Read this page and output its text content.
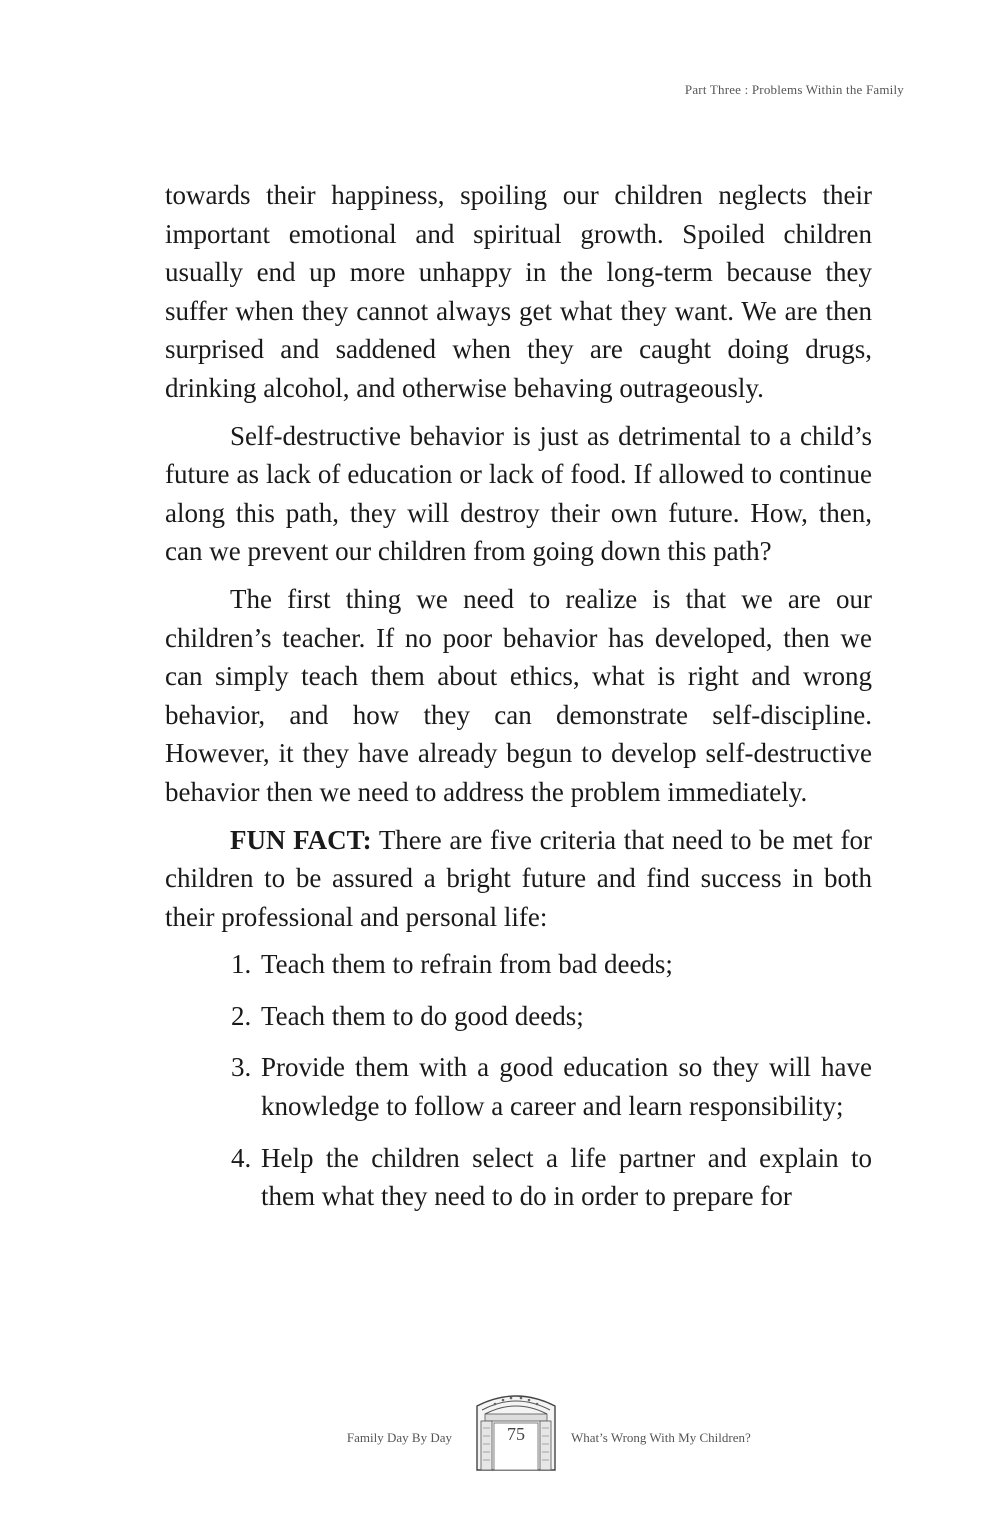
Part Three : Problems Within the Family

towards their happiness, spoiling our children neglects their important emotional and spiritual growth. Spoiled children usually end up more unhappy in the long-term because they suffer when they cannot always get what they want. We are then surprised and saddened when they are caught doing drugs, drinking alcohol, and otherwise behaving outrageously.

Self-destructive behavior is just as detrimental to a child’s future as lack of education or lack of food. If allowed to continue along this path, they will destroy their own future. How, then, can we prevent our children from going down this path?

The first thing we need to realize is that we are our children’s teacher. If no poor behavior has developed, then we can simply teach them about ethics, what is right and wrong behavior, and how they can demonstrate self-discipline. However, it they have already begun to develop self-destructive behavior then we need to address the problem immediately.

FUN FACT: There are five criteria that need to be met for children to be assured a bright future and find success in both their professional and personal life:

1. Teach them to refrain from bad deeds;
2. Teach them to do good deeds;
3. Provide them with a good education so they will have knowledge to follow a career and learn responsibility;
4. Help the children select a life partner and explain to them what they need to do in order to prepare for
Family Day By Day	75	What’s Wrong With My Children?
